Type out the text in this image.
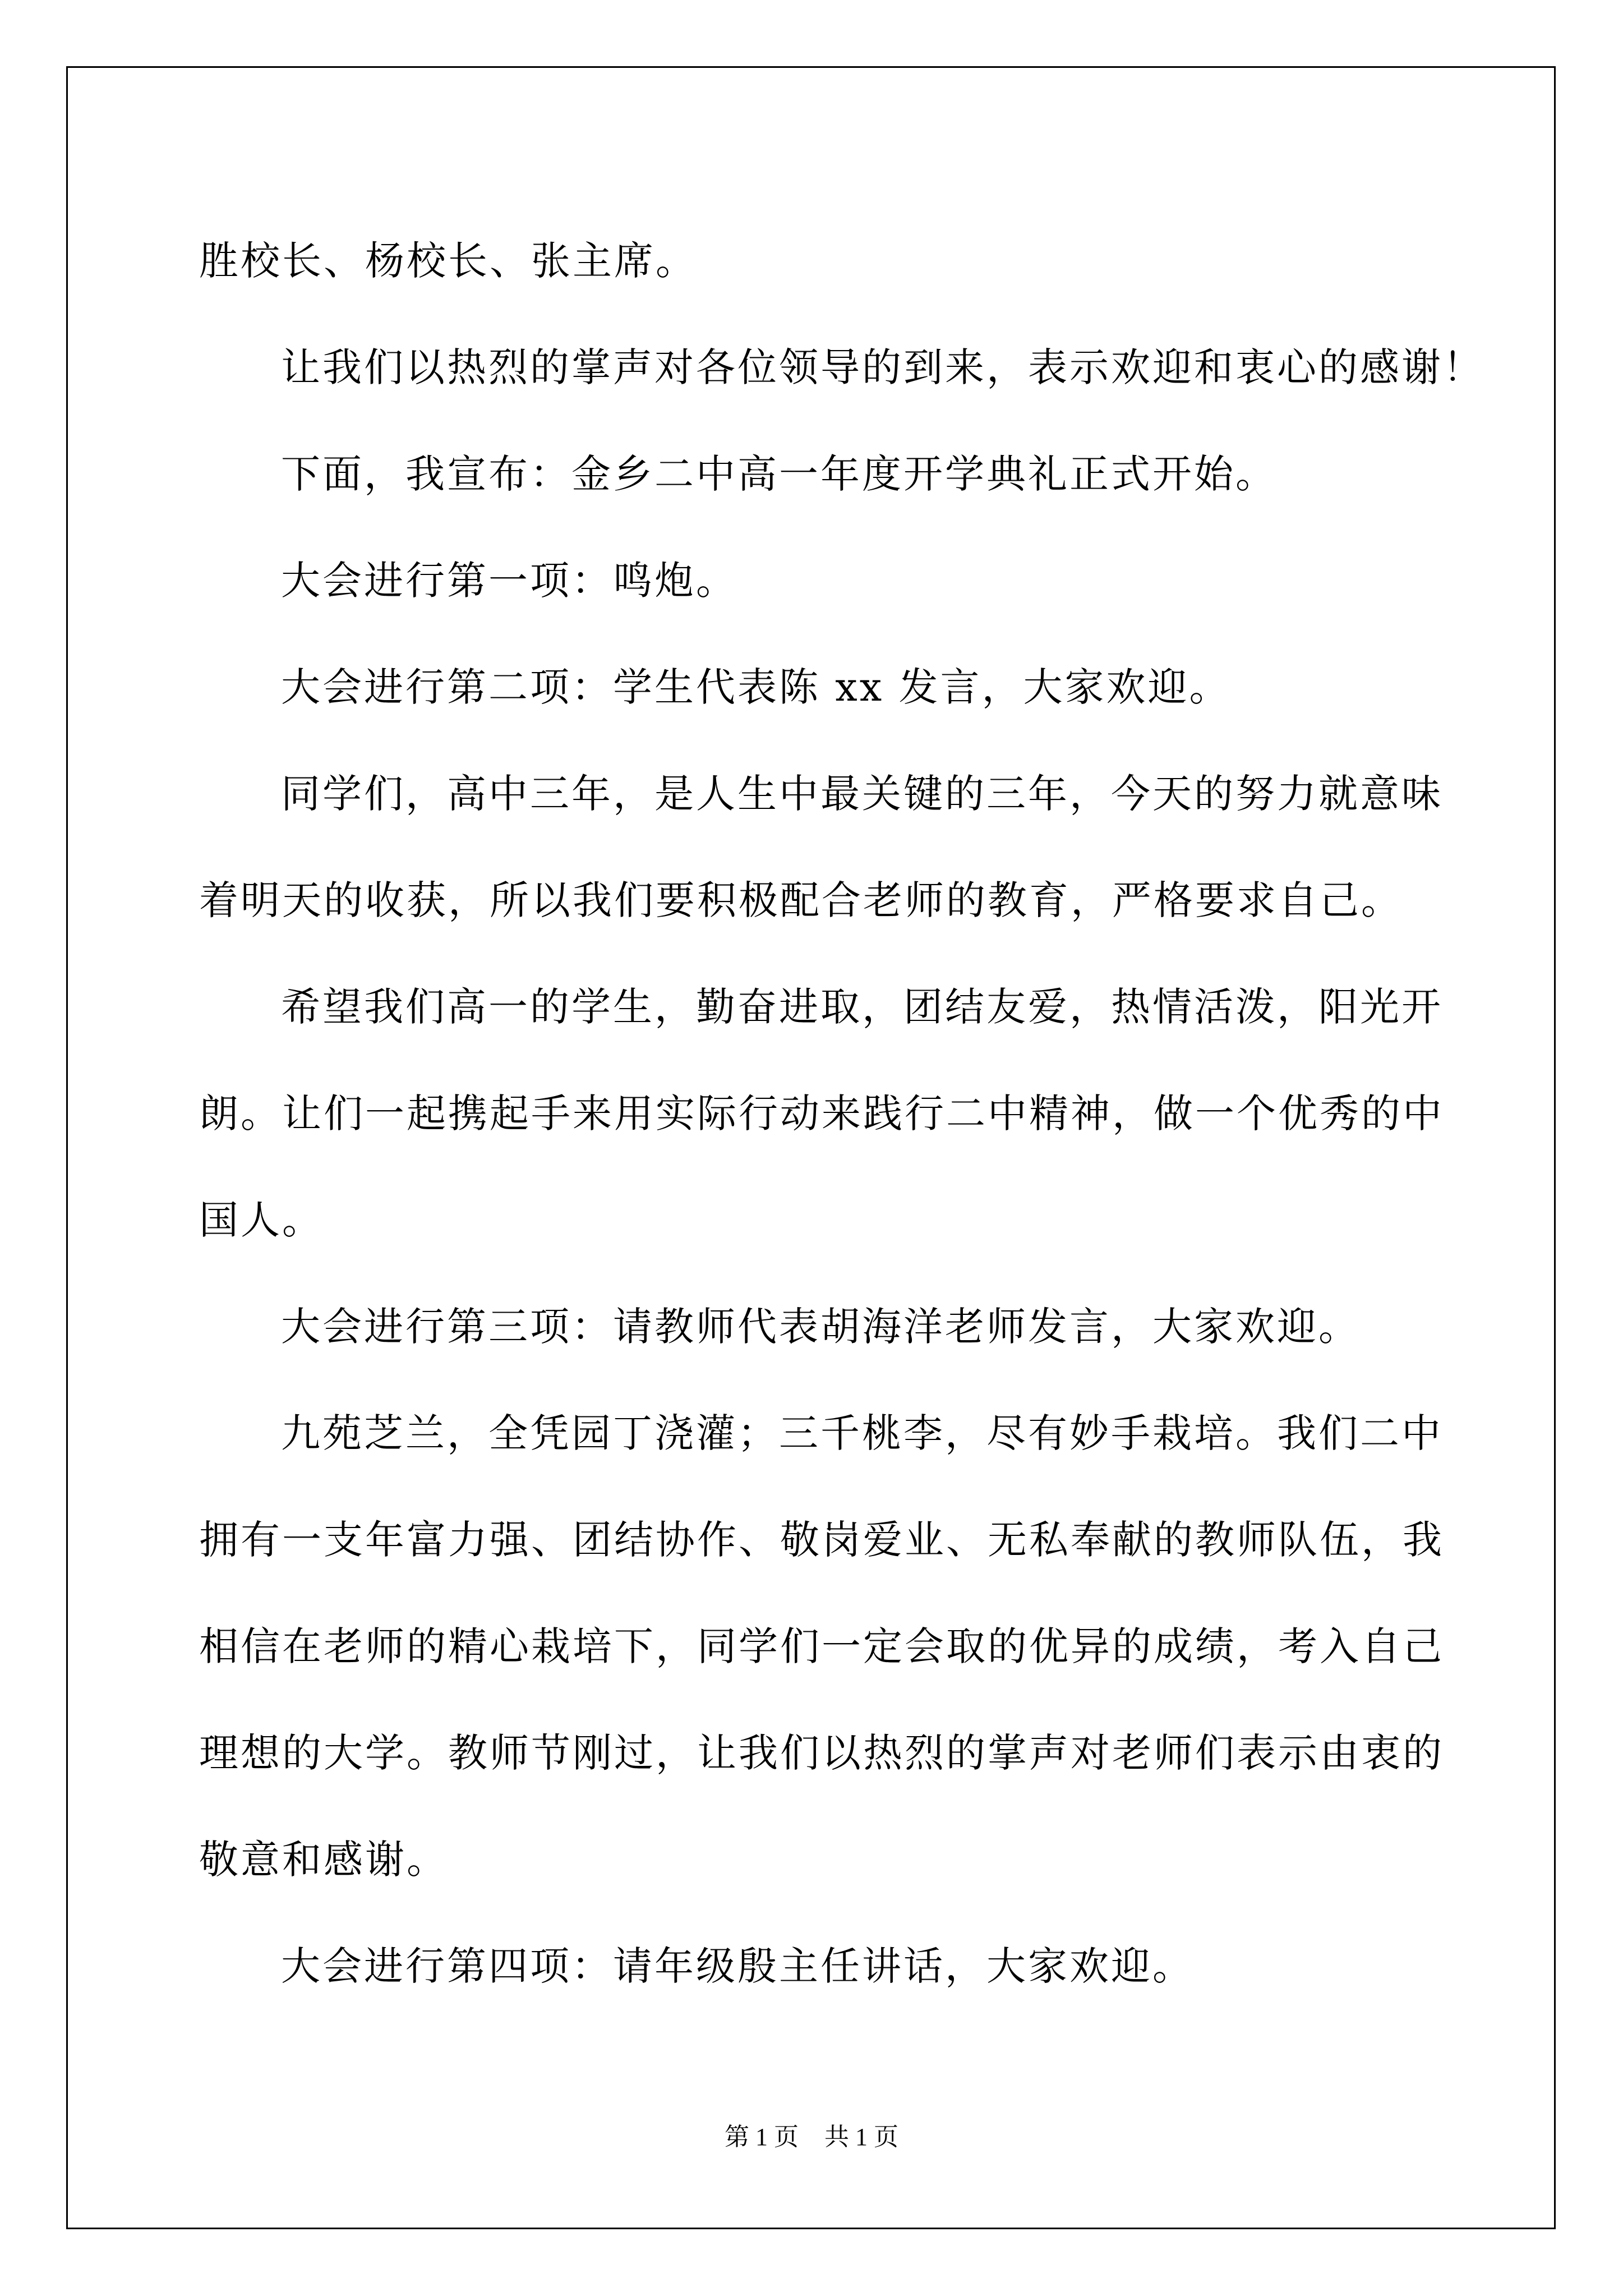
胜校长、杨校长、张主席。
让我们以热烈的掌声对各位领导的到来，表示欢迎和衷心的感谢！
下面，我宣布：金乡二中高一年度开学典礼正式开始。
大会进行第一项：鸣炮。
大会进行第二项：学生代表陈 xx 发言，大家欢迎。
同学们，高中三年，是人生中最关键的三年，今天的努力就意味
着明天的收获，所以我们要积极配合老师的教育，严格要求自己。
希望我们高一的学生，勤奋进取，团结友爱，热情活泼，阳光开
朗。让们一起携起手来用实际行动来践行二中精神，做一个优秀的中
国人。
大会进行第三项：请教师代表胡海洋老师发言，大家欢迎。
九苑芝兰，全凭园丁浇灌；三千桃李，尽有妙手栽培。我们二中
拥有一支年富力强、团结协作、敬岗爱业、无私奉献的教师队伍，我
相信在老师的精心栽培下，同学们一定会取的优异的成绩，考入自己
理想的大学。教师节刚过，让我们以热烈的掌声对老师们表示由衷的
敬意和感谢。
大会进行第四项：请年级殷主任讲话，大家欢迎。
第 1 页 共 1 页
